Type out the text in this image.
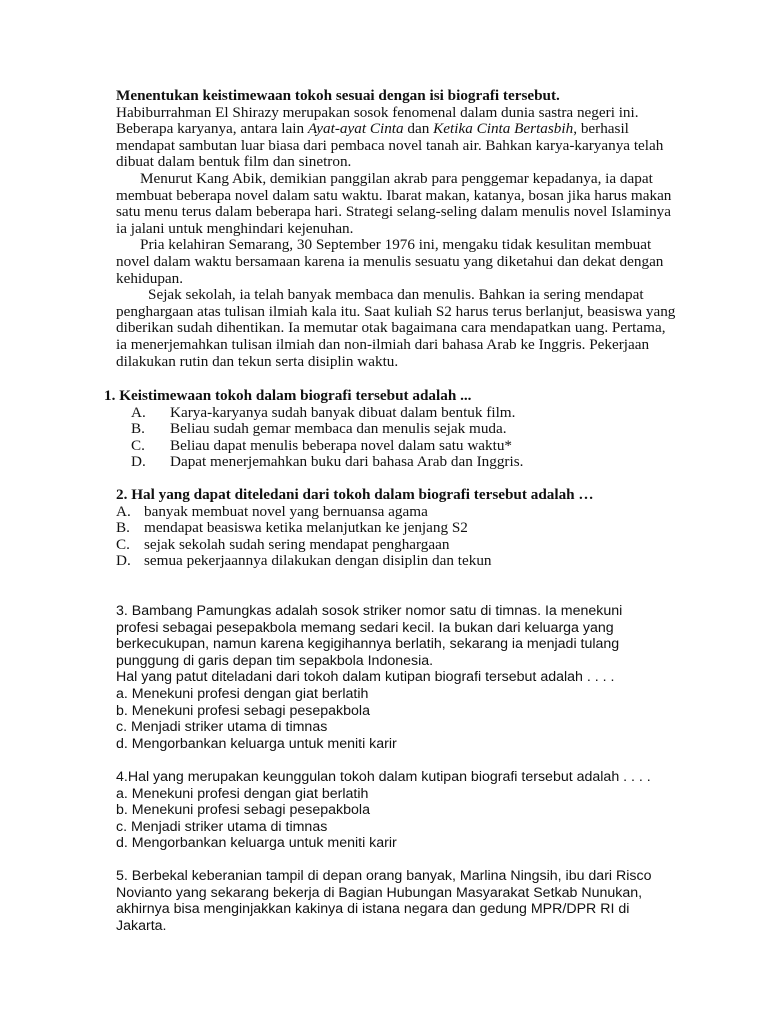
Menentukan keistimewaan tokoh sesuai dengan isi biografi tersebut.

Habiburrahman El Shirazy merupakan sosok fenomenal dalam dunia sastra negeri ini. Beberapa karyanya, antara lain Ayat-ayat Cinta dan Ketika Cinta Bertasbih, berhasil mendapat sambutan luar biasa dari pembaca novel tanah air. Bahkan karya-karyanya telah dibuat dalam bentuk film dan sinetron.

Menurut Kang Abik, demikian panggilan akrab para penggemar kepadanya, ia dapat membuat beberapa novel dalam satu waktu. Ibarat makan, katanya, bosan jika harus makan satu menu terus dalam beberapa hari. Strategi selang-seling dalam menulis novel Islaminya ia jalani untuk menghindari kejenuhan.

Pria kelahiran Semarang, 30 September 1976 ini, mengaku tidak kesulitan membuat novel dalam waktu bersamaan karena ia menulis sesuatu yang diketahui dan dekat dengan kehidupan.

Sejak sekolah, ia telah banyak membaca dan menulis. Bahkan ia sering mendapat penghargaan atas tulisan ilmiah kala itu. Saat kuliah S2 harus terus berlanjut, beasiswa yang diberikan sudah dihentikan. Ia memutar otak bagaimana cara mendapatkan uang. Pertama, ia menerjemahkan tulisan ilmiah dan non-ilmiah dari bahasa Arab ke Inggris. Pekerjaan dilakukan rutin dan tekun serta disiplin waktu.

1. Keistimewaan tokoh dalam biografi tersebut adalah ...

A.	Karya-karyanya sudah banyak dibuat dalam bentuk film.
B.	Beliau sudah gemar membaca dan menulis sejak muda.
C.	Beliau dapat menulis beberapa novel dalam satu waktu*
D.	Dapat menerjemahkan buku dari bahasa Arab dan Inggris.

2. Hal yang dapat diteledani dari tokoh dalam biografi tersebut adalah …

A. banyak membuat novel yang bernuansa agama
B. mendapat beasiswa ketika melanjutkan ke jenjang S2
C. sejak sekolah sudah sering mendapat penghargaan
D. semua pekerjaannya dilakukan dengan disiplin dan tekun

3. Bambang Pamungkas adalah sosok striker nomor satu di timnas. Ia menekuni profesi sebagai pesepakbola memang sedari kecil. Ia bukan dari keluarga yang berkecukupan, namun karena kegigihannya berlatih, sekarang ia menjadi tulang punggung di garis depan tim sepakbola Indonesia.

Hal yang patut diteladani dari tokoh dalam kutipan biografi tersebut adalah . . . .

a. Menekuni profesi dengan giat berlatih

b. Menekuni profesi sebagi pesepakbola

c. Menjadi striker utama di timnas

d. Mengorbankan keluarga untuk meniti karir

4.Hal yang merupakan keunggulan tokoh dalam kutipan biografi tersebut adalah . . . .

a. Menekuni profesi dengan giat berlatih

b. Menekuni profesi sebagi pesepakbola

c. Menjadi striker utama di timnas

d. Mengorbankan keluarga untuk meniti karir

5. Berbekal keberanian tampil di depan orang banyak, Marlina Ningsih, ibu dari Risco Novianto yang sekarang bekerja di Bagian Hubungan Masyarakat Setkab Nunukan, akhirnya bisa menginjakkan kakinya di istana negara dan gedung MPR/DPR RI di Jakarta.
